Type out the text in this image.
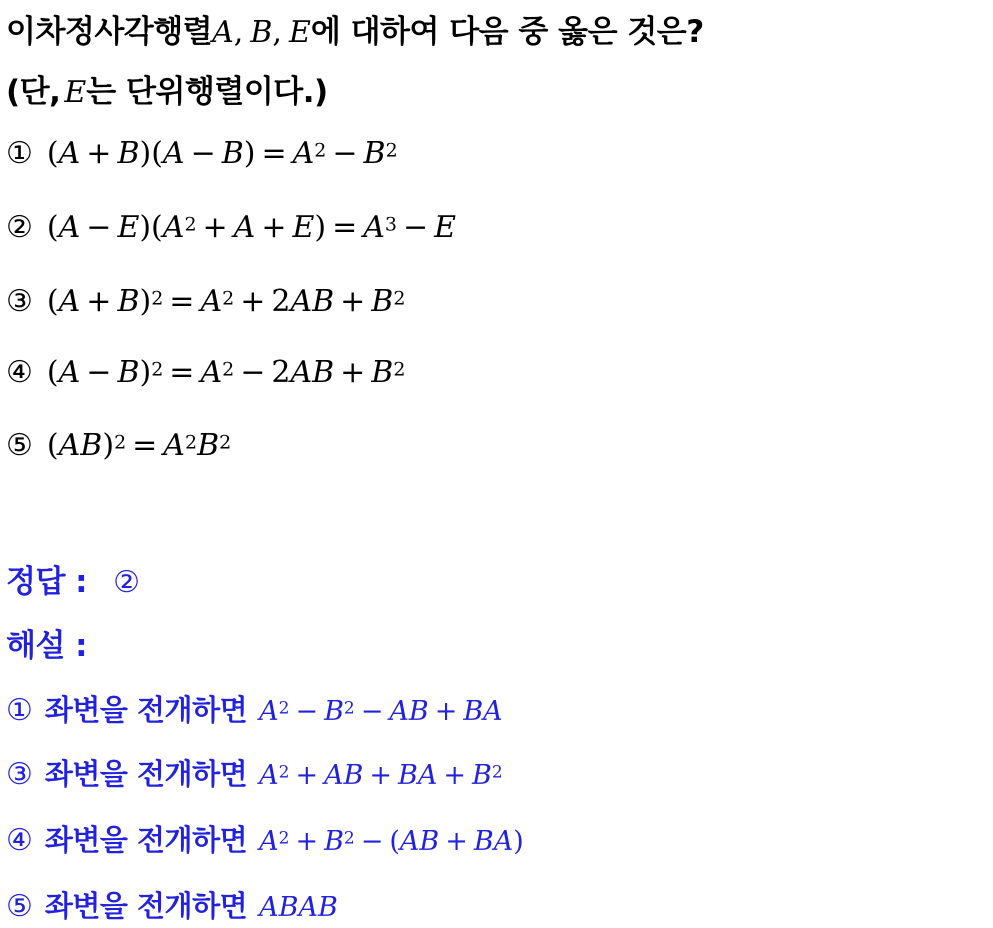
이차정사각행렬 A , B , E 에 대하여 다음 중 옳은 것은?
(단, E 는 단위행렬이다.)
① (A + B)(A − B) = A2 − B2
② (A − E)(A2 + A + E) = A3 − E
③ (A + B)2 = A2 + 2AB + B2
④ (A − B)2 = A2 − 2AB + B2
⑤ (AB)2 = A2B2
정답 : ②
해설 :
① 좌변을 전개하면 A2 − B2 − AB + BA
③ 좌변을 전개하면 A2 + AB + BA + B2
④ 좌변을 전개하면 A2 + B2 − (AB + BA)
⑤ 좌변을 전개하면 ABAB
